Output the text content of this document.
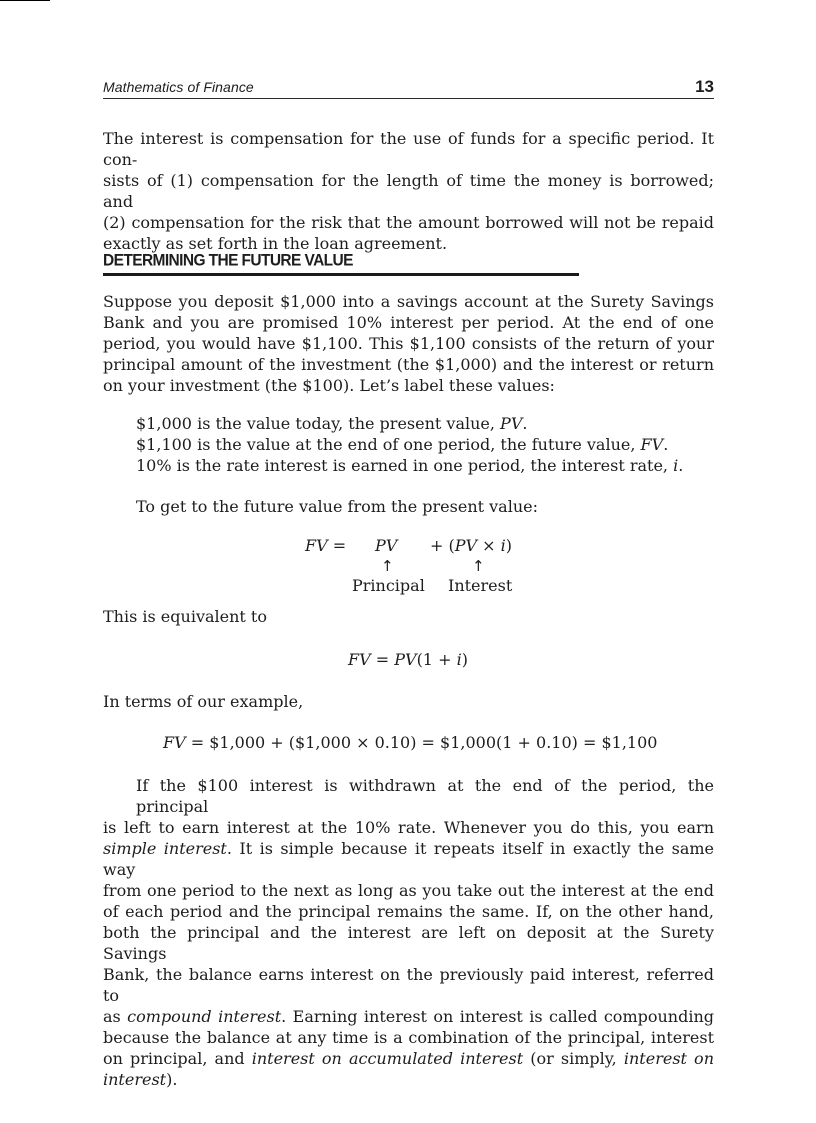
Mathematics of Finance	13
The interest is compensation for the use of funds for a specific period. It con-
sists of (1) compensation for the length of time the money is borrowed; and
(2) compensation for the risk that the amount borrowed will not be repaid
exactly as set forth in the loan agreement.
DETERMINING THE FUTURE VALUE
Suppose you deposit $1,000 into a savings account at the Surety Savings
Bank and you are promised 10% interest per period. At the end of one
period, you would have $1,100. This $1,100 consists of the return of your
principal amount of the investment (the $1,000) and the interest or return
on your investment (the $100). Let’s label these values:
$1,000 is the value today, the present value, PV.
$1,100 is the value at the end of one period, the future value, FV.
10% is the rate interest is earned in one period, the interest rate, i.
To get to the future value from the present value:
FV = PV + (PV × i)
↑	↑
Principal Interest
This is equivalent to
FV = PV(1 + i)
In terms of our example,
FV = $1,000 + ($1,000 × 0.10) = $1,000(1 + 0.10) = $1,100
If the $100 interest is withdrawn at the end of the period, the principal
is left to earn interest at the 10% rate. Whenever you do this, you earn
simple interest. It is simple because it repeats itself in exactly the same way
from one period to the next as long as you take out the interest at the end
of each period and the principal remains the same. If, on the other hand,
both the principal and the interest are left on deposit at the Surety Savings
Bank, the balance earns interest on the previously paid interest, referred to
as compound interest. Earning interest on interest is called compounding
because the balance at any time is a combination of the principal, interest
on principal, and interest on accumulated interest (or simply, interest on
interest).
